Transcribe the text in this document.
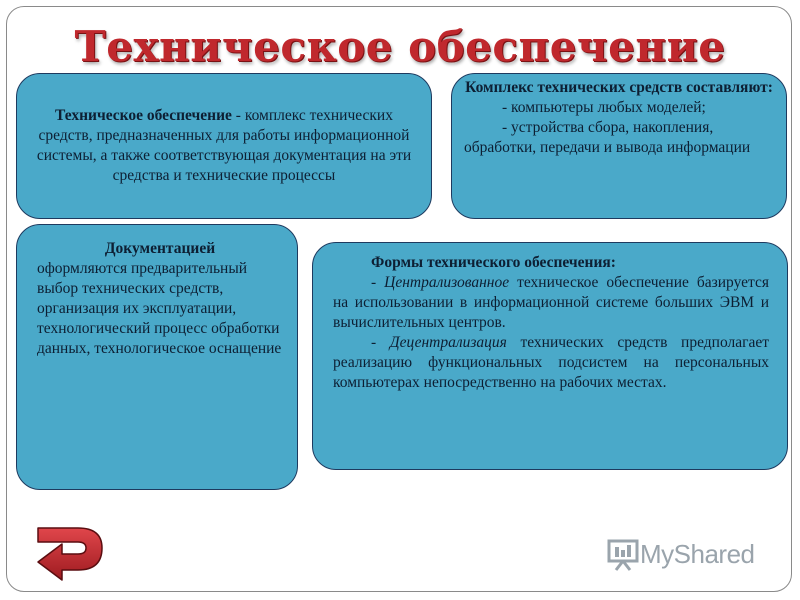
Техническое обеспечение
Техническое обеспечение - комплекс технических средств, предназначенных для работы информационной системы, а также соответствующая документация на эти средства и технические процессы
Комплекс технических средств составляют:
- компьютеры любых моделей;
- устройства сбора, накопления, обработки, передачи и вывода информации
Документацией
оформляются предварительный выбор технических средств, организация их эксплуатации, технологический процесс обработки данных, технологическое оснащение
Формы технического обеспечения:
- Централизованное техническое обеспечение базируется на использовании в информационной системе больших ЭВМ и вычислительных центров.
- Децентрализация технических средств предполагает реализацию функциональных подсистем на персональных компьютерах непосредственно на рабочих местах.
MyShared
